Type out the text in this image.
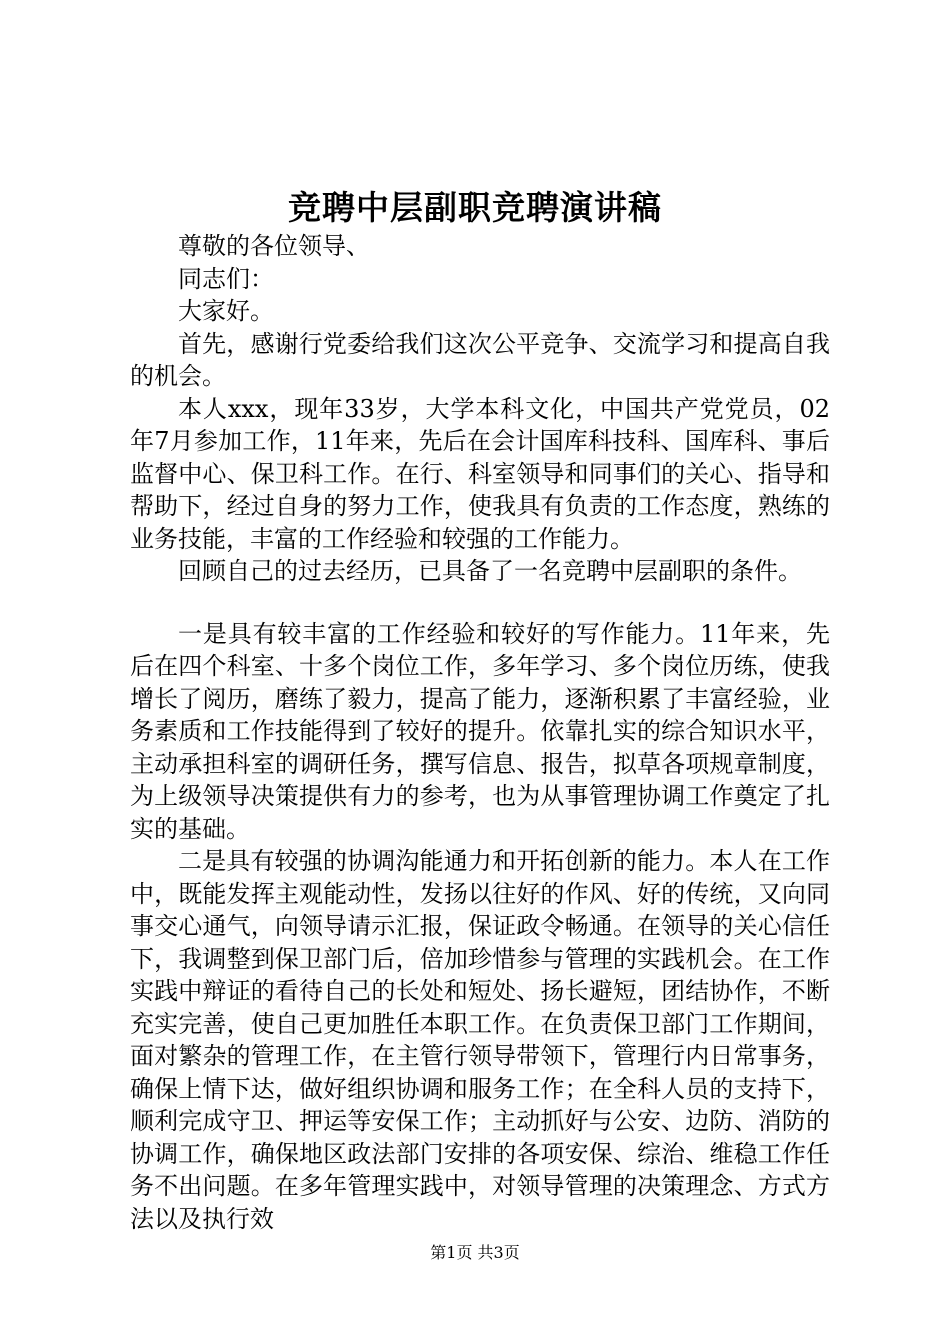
竞聘中层副职竞聘演讲稿

尊敬的各位领导、

同志们：

大家好。

首先，感谢行党委给我们这次公平竞争、交流学习和提高自我的机会。

本人xxx，现年33岁，大学本科文化，中国共产党党员，02年7月参加工作，11年来，先后在会计国库科技科、国库科、事后监督中心、保卫科工作。在行、科室领导和同事们的关心、指导和帮助下，经过自身的努力工作，使我具有负责的工作态度，熟练的业务技能，丰富的工作经验和较强的工作能力。

回顾自己的过去经历，已具备了一名竞聘中层副职的条件。

一是具有较丰富的工作经验和较好的写作能力。11年来，先后在四个科室、十多个岗位工作，多年学习、多个岗位历练，使我增长了阅历，磨练了毅力，提高了能力，逐渐积累了丰富经验，业务素质和工作技能得到了较好的提升。依靠扎实的综合知识水平，主动承担科室的调研任务，撰写信息、报告，拟草各项规章制度，为上级领导决策提供有力的参考，也为从事管理协调工作奠定了扎实的基础。

二是具有较强的协调沟能通力和开拓创新的能力。本人在工作中，既能发挥主观能动性，发扬以往好的作风、好的传统，又向同事交心通气，向领导请示汇报，保证政令畅通。在领导的关心信任下，我调整到保卫部门后，倍加珍惜参与管理的实践机会。在工作实践中辩证的看待自己的长处和短处、扬长避短，团结协作，不断充实完善，使自己更加胜任本职工作。在负责保卫部门工作期间，面对繁杂的管理工作，在主管行领导带领下，管理行内日常事务，确保上情下达，做好组织协调和服务工作；在全科人员的支持下，顺利完成守卫、押运等安保工作；主动抓好与公安、边防、消防的协调工作，确保地区政法部门安排的各项安保、综治、维稳工作任务不出问题。在多年管理实践中，对领导管理的决策理念、方式方法以及执行效

第1页 共3页
